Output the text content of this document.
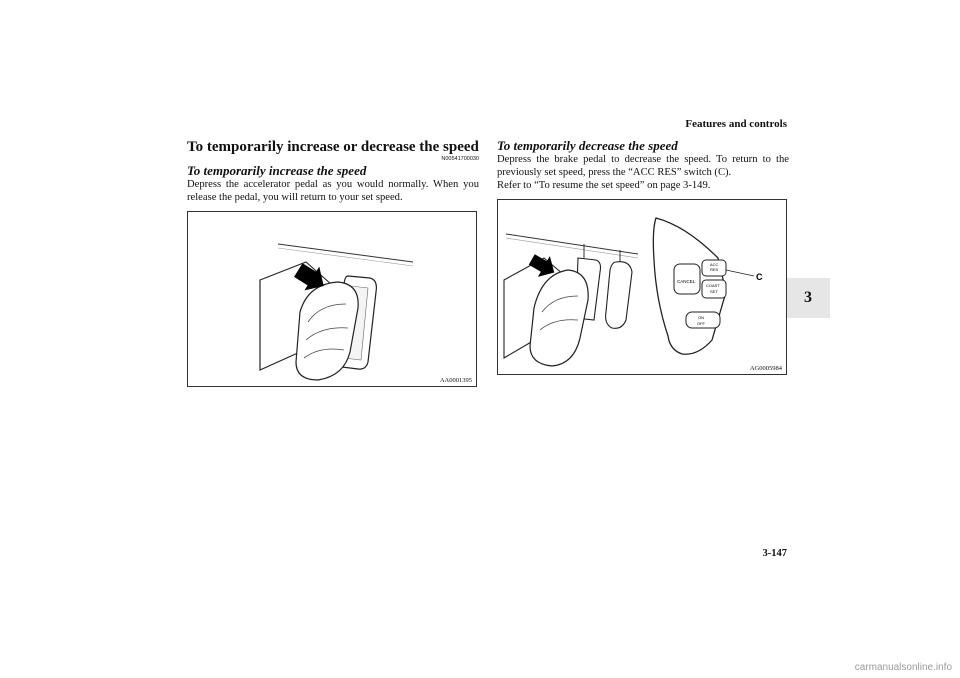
Features and controls
3
To temporarily increase or decrease the speed
N00541700030
To temporarily increase the speed

Depress the accelerator pedal as you would normally. When you release the pedal, you will return to your set speed.

AA0001395
To temporarily decrease the speed

Depress the brake pedal to decrease the speed. To return to the previously set speed, press the “ACC RES” switch (C).

Refer to “To resume the set speed” on page 3-149.

CANCEL
ACC
RES
COAST
SET
ON
OFF
C
AG0005984
3-147
carmanualsonline.info
